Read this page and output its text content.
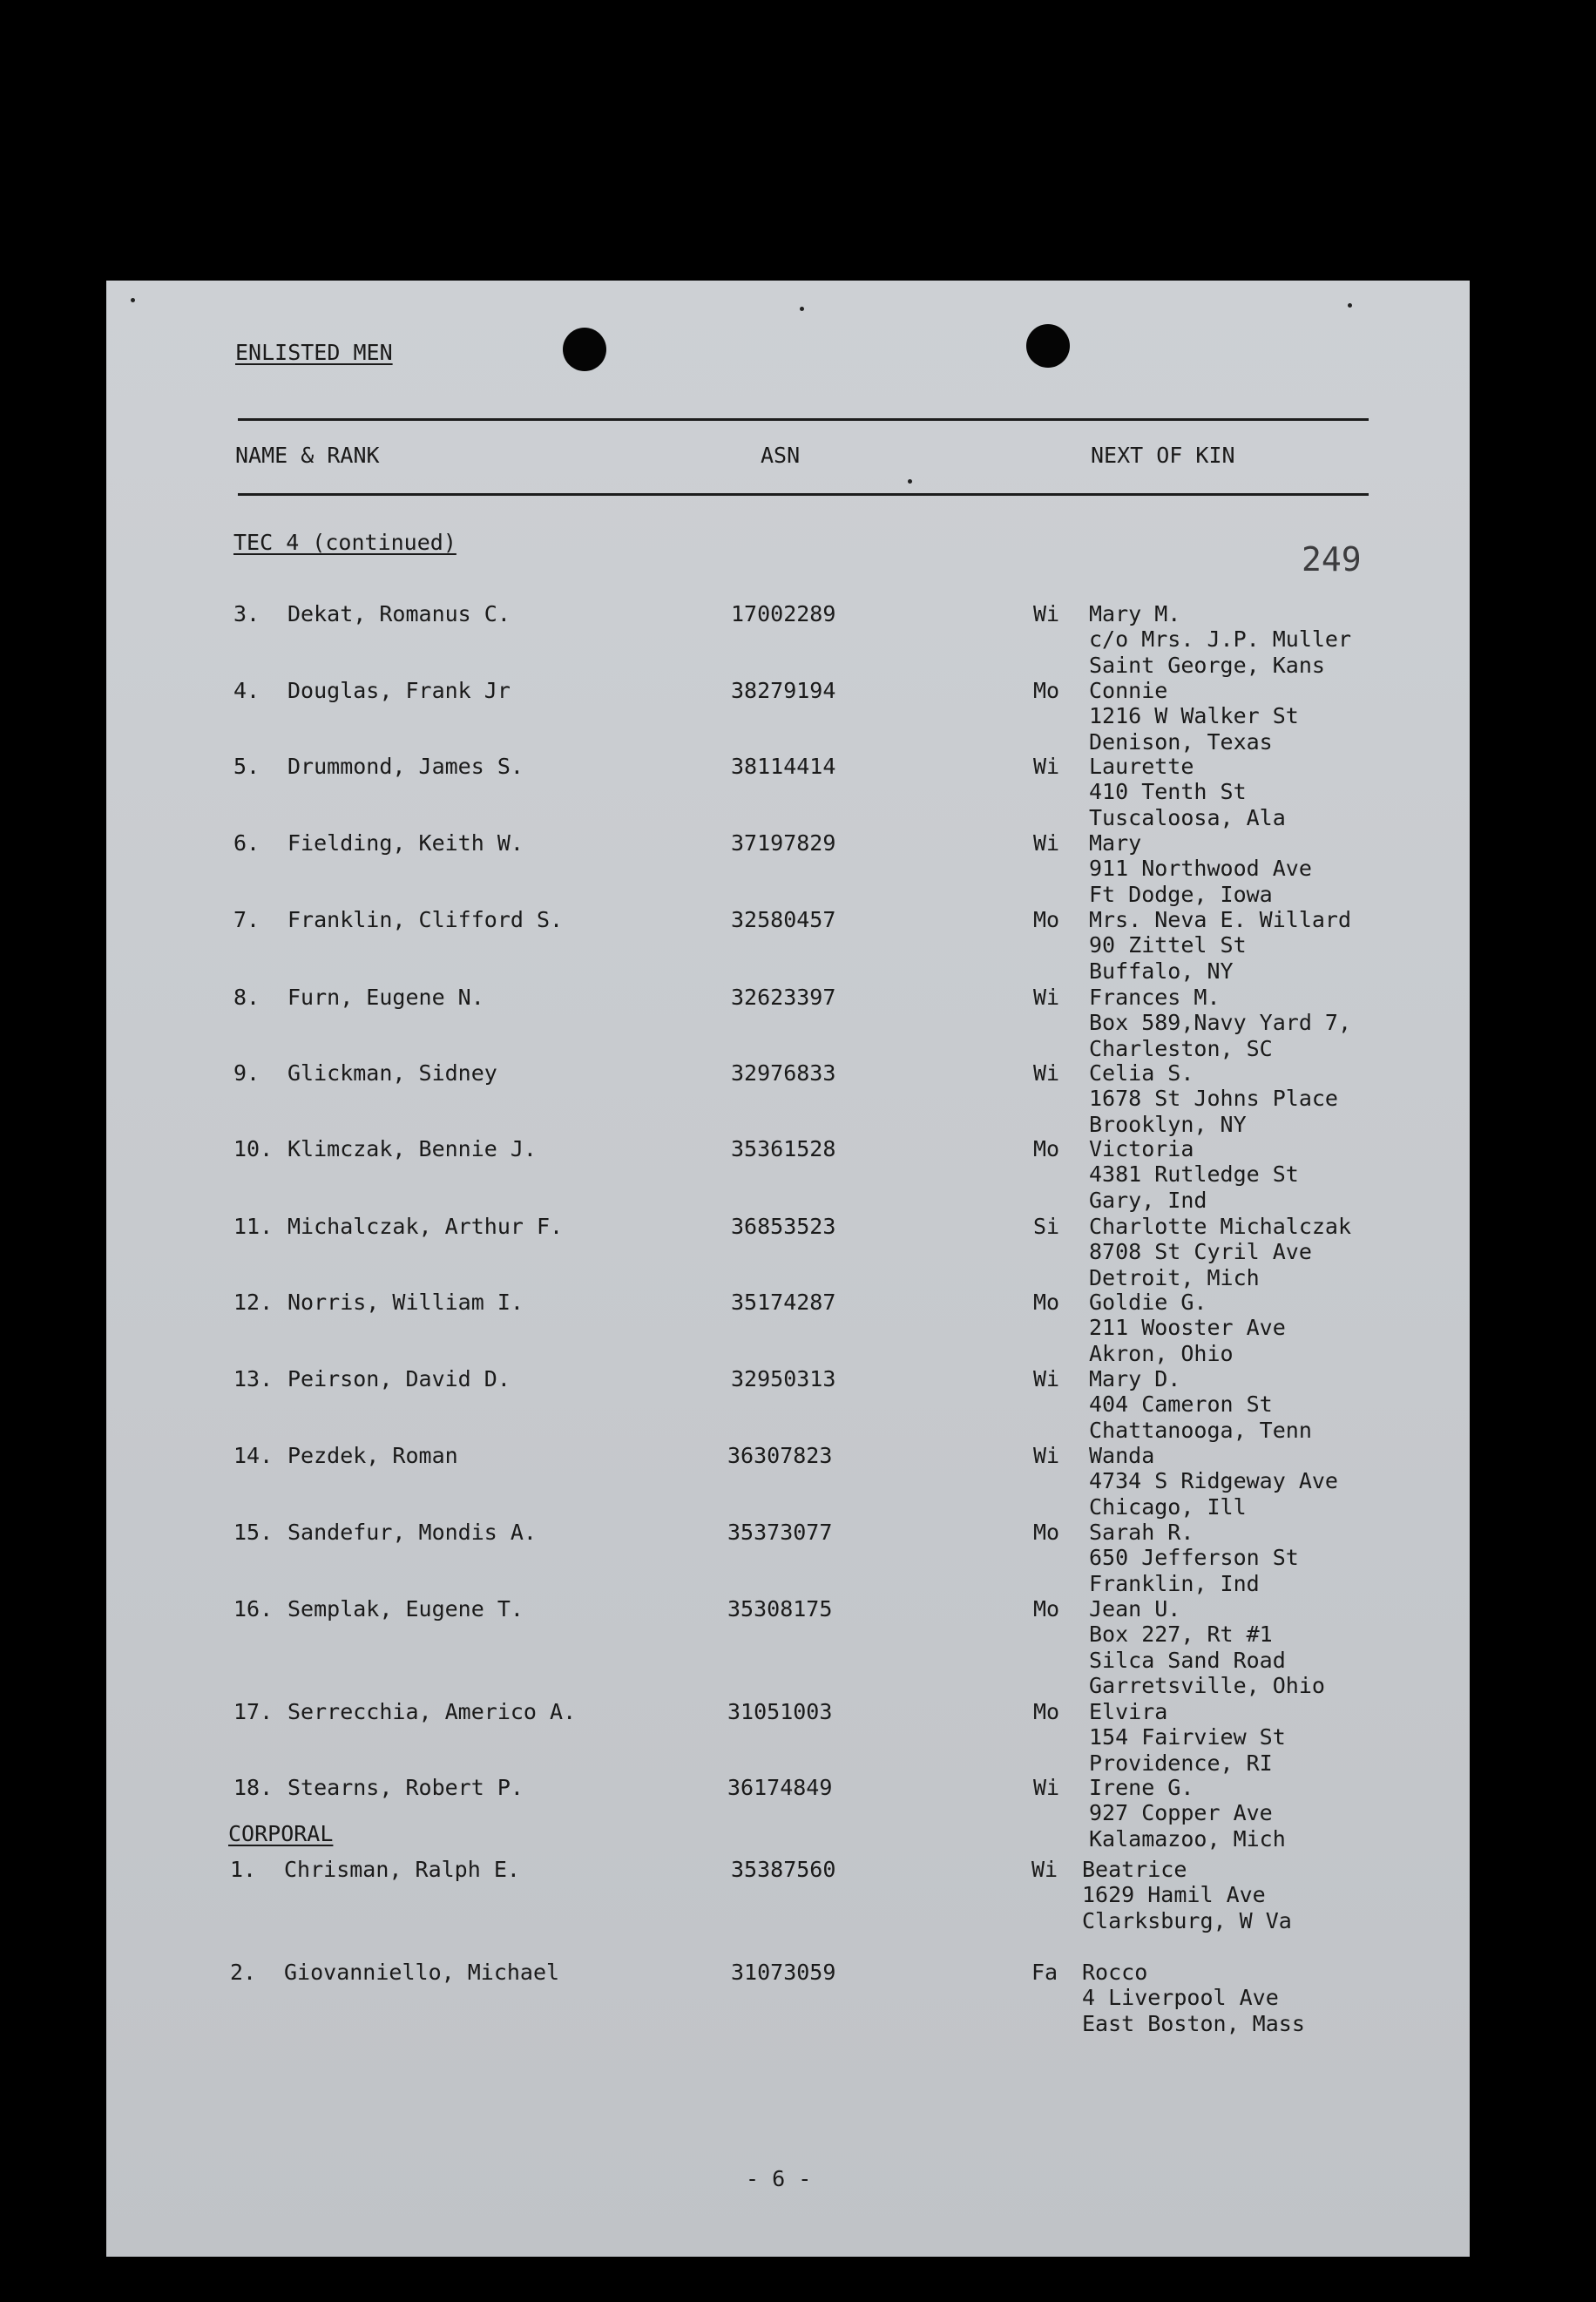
ENLISTED MEN
NAME & RANK	ASN	NEXT OF KIN
249
TEC 4 (continued)
3. Dekat, Romanus C.	17002289	Wi Mary M.
c/o Mrs. J.P. Muller
Saint George, Kans
4. Douglas, Frank Jr	38279194	Mo Connie
1216 W Walker St
Denison, Texas
5. Drummond, James S.	38114414	Wi Laurette
410 Tenth St
Tuscaloosa, Ala
6. Fielding, Keith W.	37197829	Wi Mary
911 Northwood Ave
Ft Dodge, Iowa
7. Franklin, Clifford S.	32580457	Mo Mrs. Neva E. Willard
90 Zittel St
Buffalo, NY
8. Furn, Eugene N.	32623397	Wi Frances M.
Box 589,Navy Yard 7,
Charleston, SC
9. Glickman, Sidney	32976833	Wi Celia S.
1678 St Johns Place
Brooklyn, NY
10. Klimczak, Bennie J.	35361528	Mo Victoria
4381 Rutledge St
Gary, Ind
11. Michalczak, Arthur F.	36853523	Si Charlotte Michalczak
8708 St Cyril Ave
Detroit, Mich
12. Norris, William I.	35174287	Mo Goldie G.
211 Wooster Ave
Akron, Ohio
13. Peirson, David D.	32950313	Wi Mary D.
404 Cameron St
Chattanooga, Tenn
14. Pezdek, Roman	36307823	Wi Wanda
4734 S Ridgeway Ave
Chicago, Ill
15. Sandefur, Mondis A.	35373077	Mo Sarah R.
650 Jefferson St
Franklin, Ind
16. Semplak, Eugene T.	35308175	Mo Jean U.
Box 227, Rt #1
Silca Sand Road
Garretsville, Ohio
17. Serrecchia, Americo A.	31051003	Mo Elvira
154 Fairview St
Providence, RI
18. Stearns, Robert P.	36174849	Wi Irene G.
927 Copper Ave
Kalamazoo, Mich
CORPORAL
1. Chrisman, Ralph E.	35387560	Wi Beatrice
1629 Hamil Ave
Clarksburg, W Va
2. Giovanniello, Michael	31073059	Fa Rocco
4 Liverpool Ave
East Boston, Mass
- 6 -
